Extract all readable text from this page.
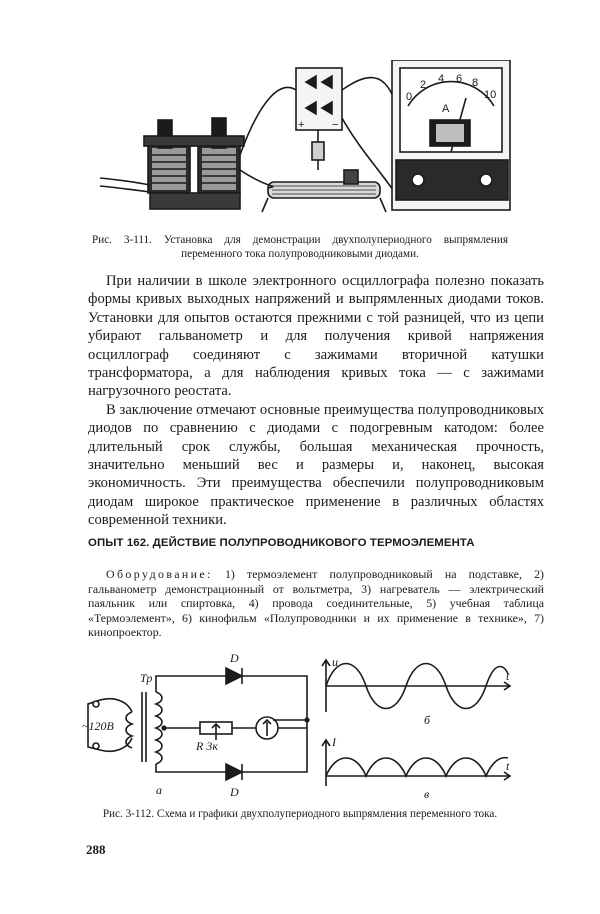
0
2 4 6 8
10
A
+	−
Рис. 3-111. Установка для демонстрации двухполупериодного выпрямления переменного тока полупроводниковыми диодами.

При наличии в школе электронного осциллографа полезно показать формы кривых выходных напряжений и выпрямленных диодами токов. Установки для опытов остаются прежними с той разницей, что из цепи убирают гальванометр и для получения кривой напряжения осциллограф соединяют с зажимами вторичной катушки трансформатора, а для наблюдения кривых тока — с зажимами нагрузочного реостата.

В заключение отмечают основные преимущества полупроводниковых диодов по сравнению с диодами с подогревным катодом: более длительный срок службы, большая механическая прочность, значительно меньший вес и размеры и, наконец, высокая экономичность. Эти преимущества обеспечили полупроводниковым диодам широкое практическое применение в различных областях современной техники.

ОПЫТ 162. ДЕЙСТВИЕ ПОЛУПРОВОДНИКОВОГО ТЕРМОЭЛЕМЕНТА

Оборудование: 1) термоэлемент полупроводниковый на подставке, 2) гальванометр демонстрационный от вольтметра, 3) нагреватель — электрический паяльник или спиртовка, 4) провода соединительные, 5) учебная таблица «Термоэлемент», 6) кинофильм «Полупроводники и их применение в технике», 7) кинопроектор.

Тр
D
~120В
R 3к
D
а
u
t
б
I
t
в
Рис. 3-112. Схема и графики двухполупериодного выпрямления переменного тока.
288
